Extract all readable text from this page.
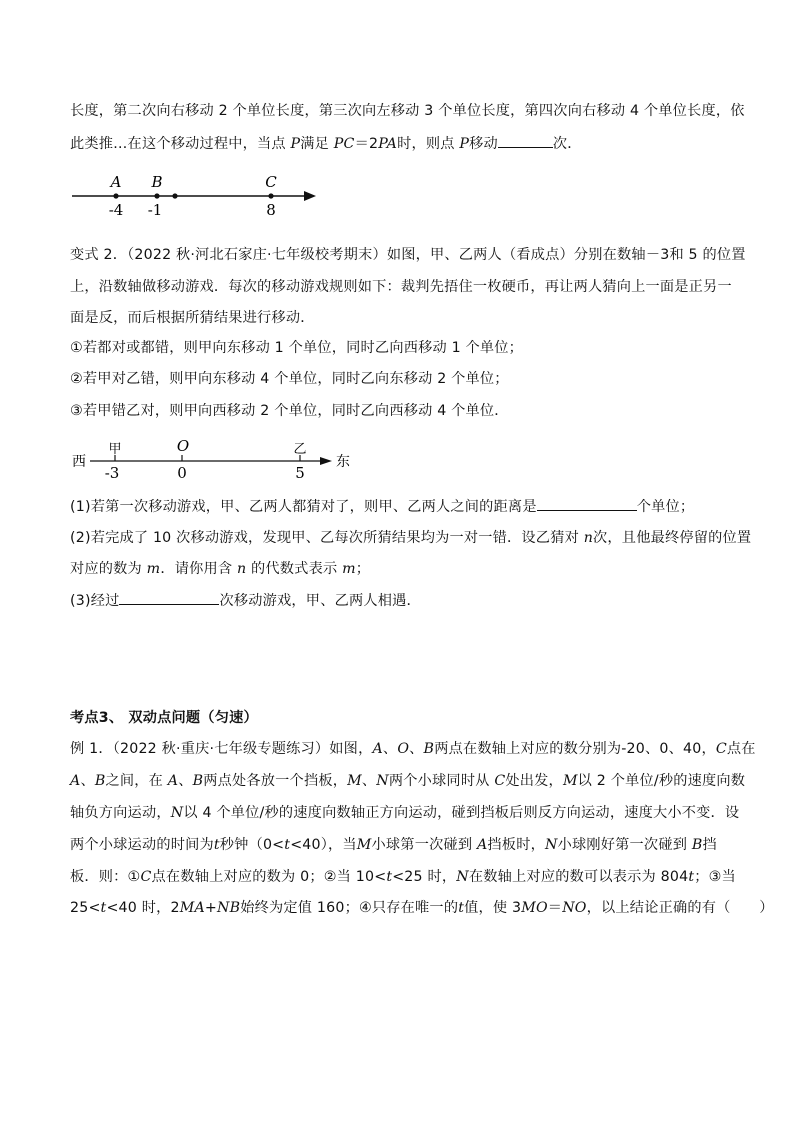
长度，第二次向右移动 2 个单位长度，第三次向左移动 3 个单位长度，第四次向右移动 4 个单位长度，依
此类推…在这个移动过程中，当点 P满足 PC＝2PA时，则点 P移动	次．
A B	C
-4 -1	8
变式 2．（2022 秋·河北石家庄·七年级校考期末）如图，甲、乙两人（看成点）分别在数轴－3和 5 的位置
上，沿数轴做移动游戏．每次的移动游戏规则如下：裁判先捂住一枚硬币，再让两人猜向上一面是正另一
面是反，而后根据所猜结果进行移动．
①若都对或都错，则甲向东移动 1 个单位，同时乙向西移动 1 个单位；
②若甲对乙错，则甲向东移动 4 个单位，同时乙向东移动 2 个单位；
③若甲错乙对，则甲向西移动 2 个单位，同时乙向西移动 4 个单位．
西	东
甲	O	乙
-3	0	5
(1)若第一次移动游戏，甲、乙两人都猜对了，则甲、乙两人之间的距离是	个单位；
(2)若完成了 10 次移动游戏，发现甲、乙每次所猜结果均为一对一错．设乙猜对 n次，且他最终停留的位置
对应的数为 m．请你用含 n 的代数式表示 m；
(3)经过	次移动游戏，甲、乙两人相遇．
考点3、 双动点问题（匀速）
例 1．（2022 秋·重庆·七年级专题练习）如图，A、O、B两点在数轴上对应的数分别为-20、0、40，C点在
A、B之间，在 A、B两点处各放一个挡板，M、N两个小球同时从 C处出发，M以 2 个单位/秒的速度向数
轴负方向运动，N以 4 个单位/秒的速度向数轴正方向运动，碰到挡板后则反方向运动，速度大小不变．设
两个小球运动的时间为t秒钟（0<t<40），当M小球第一次碰到 A挡板时，N小球刚好第一次碰到 B挡
板．则：①C点在数轴上对应的数为 0；②当 10<t<25 时，N在数轴上对应的数可以表示为 804t；③当
25<t<40 时，2MA+NB始终为定值 160；④只存在唯一的t值，使 3MO＝NO，以上结论正确的有（　　）
